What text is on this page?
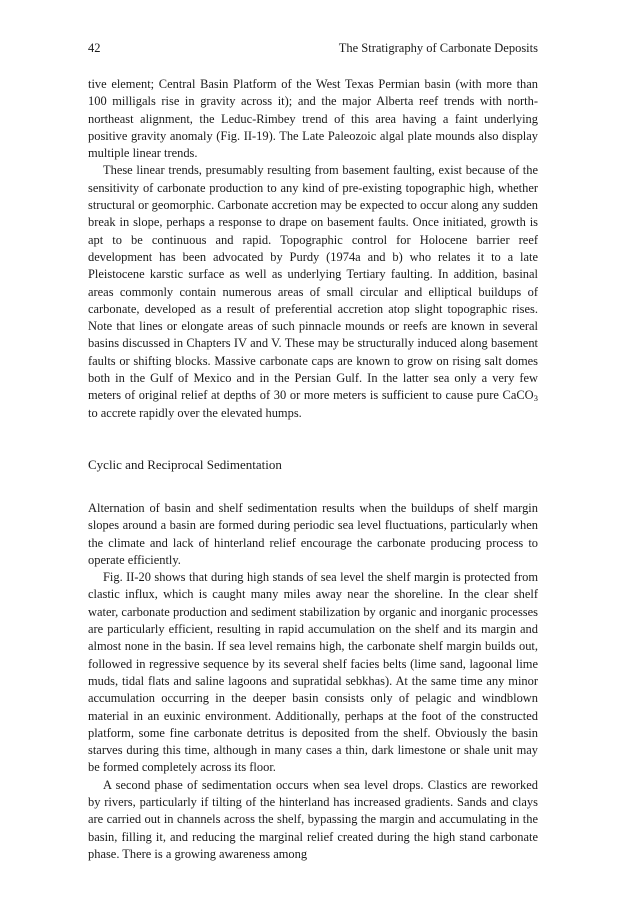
42	The Stratigraphy of Carbonate Deposits

tive element; Central Basin Platform of the West Texas Permian basin (with more than 100 milligals rise in gravity across it); and the major Alberta reef trends with north-northeast alignment, the Leduc-Rimbey trend of this area having a faint underlying positive gravity anomaly (Fig. II-19). The Late Paleozoic algal plate mounds also display multiple linear trends.

These linear trends, presumably resulting from basement faulting, exist because of the sensitivity of carbonate production to any kind of pre-existing topographic high, whether structural or geomorphic. Carbonate accretion may be expected to occur along any sudden break in slope, perhaps a response to drape on basement faults. Once initiated, growth is apt to be continuous and rapid. Topographic control for Holocene barrier reef development has been advocated by Purdy (1974a and b) who relates it to a late Pleistocene karstic surface as well as underlying Tertiary faulting. In addition, basinal areas commonly contain numerous areas of small circular and elliptical buildups of carbonate, developed as a result of preferential accretion atop slight topographic rises. Note that lines or elongate areas of such pinnacle mounds or reefs are known in several basins discussed in Chapters IV and V. These may be structurally induced along basement faults or shifting blocks. Massive carbonate caps are known to grow on rising salt domes both in the Gulf of Mexico and in the Persian Gulf. In the latter sea only a very few meters of original relief at depths of 30 or more meters is sufficient to cause pure CaCO$_3$ to accrete rapidly over the elevated humps.

Cyclic and Reciprocal Sedimentation

Alternation of basin and shelf sedimentation results when the buildups of shelf margin slopes around a basin are formed during periodic sea level fluctuations, particularly when the climate and lack of hinterland relief encourage the carbonate producing process to operate efficiently.

Fig. II-20 shows that during high stands of sea level the shelf margin is protected from clastic influx, which is caught many miles away near the shoreline. In the clear shelf water, carbonate production and sediment stabilization by organic and inorganic processes are particularly efficient, resulting in rapid accumulation on the shelf and its margin and almost none in the basin. If sea level remains high, the carbonate shelf margin builds out, followed in regressive sequence by its several shelf facies belts (lime sand, lagoonal lime muds, tidal flats and saline lagoons and supratidal sebkhas). At the same time any minor accumulation occurring in the deeper basin consists only of pelagic and windblown material in an euxinic environment. Additionally, perhaps at the foot of the constructed platform, some fine carbonate detritus is deposited from the shelf. Obviously the basin starves during this time, although in many cases a thin, dark limestone or shale unit may be formed completely across its floor.

A second phase of sedimentation occurs when sea level drops. Clastics are reworked by rivers, particularly if tilting of the hinterland has increased gradients. Sands and clays are carried out in channels across the shelf, bypassing the margin and accumulating in the basin, filling it, and reducing the marginal relief created during the high stand carbonate phase. There is a growing awareness among
